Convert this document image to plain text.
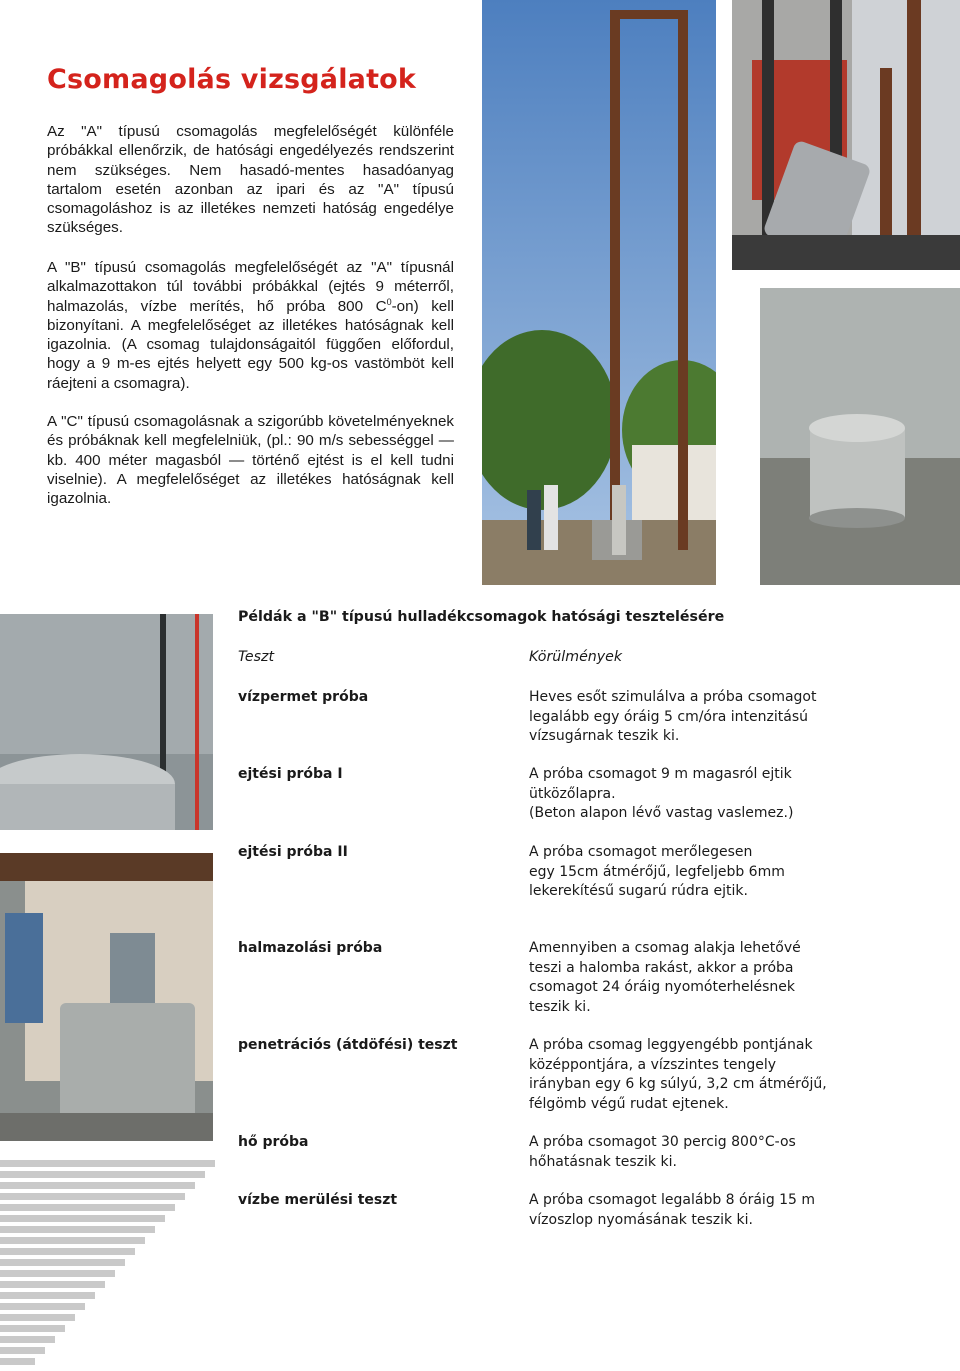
Csomagolás vizsgálatok

Az "A" típusú csomagolás megfelelőségét különféle próbákkal ellenőrzik, de hatósági engedélyezés rendszerint nem szükséges. Nem hasadó-mentes hasadóanyag tartalom esetén azonban az ipari és az "A" típusú csomagoláshoz is az illetékes nemzeti hatóság engedélye szükséges.

A "B" típusú csomagolás megfelelőségét az "A" típusnál alkalmazottakon túl további próbákkal (ejtés 9 méterről, halmazolás, vízbe merítés, hő próba 800 $C^0-on$) kell bizonyítani. A megfelelőséget az illetékes hatóságnak kell igazolnia. (A csomag tulajdonságaitól függően előfordul, hogy a 9 m-es ejtés helyett egy 500 kg-os vastömböt kell ráejteni a csomagra).

A "C" típusú csomagolásnak a szigorúbb követelményeknek és próbáknak kell megfelelniük, (pl.: 90 m/s sebességgel — kb. 400 méter magasból — történő ejtést is el kell tudni viselnie). A megfelelőséget az illetékes hatóságnak kell igazolnia.

Példák a "B" típusú hulladékcsomagok hatósági tesztelésére

Teszt	Körülmények

vízpermet próba	Heves esőt szimulálva a próba csomagot
legalább egy óráig 5 cm/óra intenzitású
vízsugárnak teszik ki.

ejtési próba I	A próba csomagot 9 m magasról ejtik
ütközőlapra.
(Beton alapon lévő vastag vaslemez.)

ejtési próba II	A próba csomagot merőlegesen
egy 15cm átmérőjű, legfeljebb 6mm
lekerekítésű sugarú rúdra ejtik.

halmazolási próba	Amennyiben a csomag alakja lehetővé
teszi a halomba rakást, akkor a próba
csomagot 24 óráig nyomóterhelésnek
teszik ki.

penetrációs (átdöfési) teszt	A próba csomag leggyengébb pontjának
középpontjára, a vízszintes tengely
irányban egy 6 kg súlyú, 3,2 cm átmérőjű,
félgömb végű rudat ejtenek.

hő próba	A próba csomagot 30 percig 800°C-os
hőhatásnak teszik ki.

vízbe merülési teszt	A próba csomagot legalább 8 óráig 15 m
vízoszlop nyomásának teszik ki.
